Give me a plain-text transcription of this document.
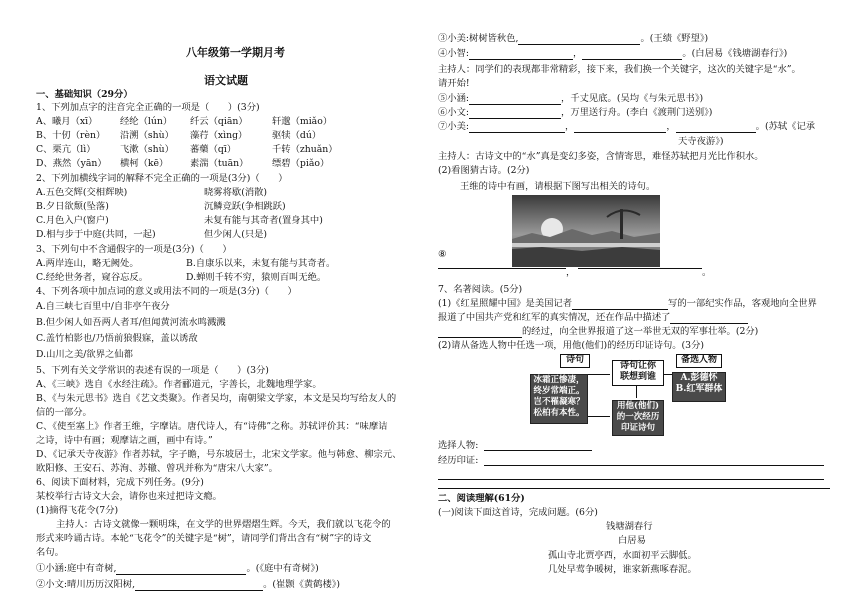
八年级第一学期月考
语文试题
一、基础知识（29分）
1、下列加点字的注音完全正确的一项是（　　）(3分)
A、曦月（xī） 经纶（lún） 纤云（qiān）	轩邈（miǎo）
B、十仞（rèn） 沿溯（shù） 藻荇（xìng）	驱犊（dú）
C、栗亢（lì）	飞漱（shù） 蕃藥（qī）	千转（zhuǎn）
D、燕然（yān） 横柯（kē） 素湍（tuān）	缥碧（piǎo）
2、下列加横线字词的解释不完全正确的一项是(3分)（　　）
A.五色交辉(交相辉映)	晓雾将歇(消散)
B.夕日欲颓(坠落)	沉鳞竞跃(争相跳跃)
C.月色入户(窗户)	未复有能与其奇者(置身其中)
D.相与步于中庭(共同，一起)	但少闲人(只是)
3、下列句中不含通假字的一项是(3分)（　　）
A.两岸连山，略无阙处。	B.自康乐以来，未复有能与其奇者。
C.经纶世务者，窥谷忘反。	D.蝉则千转不穷，猿则百叫无绝。
4、下列各项中加点词的意义或用法不同的一项是(3分)（　　）
A.自三峡七百里中/自非亭午夜分
B.但少闲人如吾两人者耳/但闻黄河流水鸣溅溅
C.盖竹柏影也/乃悟前狼假寐，盖以诱敌
D.山川之美/欲界之仙都
5、下列有关文学常识的表述有误的一项是（　　）(3分)
A、《三峡》选自《水经注疏》。作者郦道元，字善长，北魏地理学家。
B、《与朱元思书》选自《艺文类聚》。作者吴均，南朝梁文学家，本文是吴均写给友人的
信的一部分。
C、《使至塞上》作者王维，字摩诘。唐代诗人，有“诗佛”之称。苏轼评价其：“味摩诘
之诗，诗中有画；观摩诘之画，画中有诗。”
D、《记承天寺夜游》作者苏轼，字子瞻，号东坡居士，北宋文学家。他与韩愈、柳宗元、
欧阳修、王安石、苏洵、苏辙、曾巩并称为“唐宋八大家”。
6、阅读下面材料，完成下列任务。(9分)
某校举行古诗文大会，请你也来过把诗文瘾。
(1)摘得飞花令(7分)
主持人：古诗文就像一颗明珠，在文学的世界熠熠生辉。今天，我们就以飞花令的
形式来吟诵古诗。本轮“飞花令”的关键字是“树”，请同学们背出含有“树”字的诗文
名句。
①小涵:庭中有奇树,	。(《庭中有奇树》)
②小文:晴川历历汉阳树,	。(崔颢《黄鹤楼》)
③小美:树树皆秋色,	。(王绩《野望》)
④小智:	，	。(白居易《钱塘湖春行》)
主持人：同学们的表现都非常精彩，接下来，我们换一个关键字，这次的关键字是“水”。
请开始!
⑤小涵:	，千丈见底。(吴均《与朱元思书》)
⑥小文:	，万里送行舟。(李白《渡荆门送别》)
⑦小美:	，	，	。(苏轼《记承
天寺夜游》)
主持人：古诗文中的“水”真是变幻多姿，含情寄思，难怪苏轼把月光比作积水。
(2)看图猜古诗。(2分)
王维的诗中有画，请根据下图写出相关的诗句。
⑧
，	。
7、名著阅读。(5分)
(1)《红星照耀中国》是美国记者	写的一部纪实作品，客观地向全世界
报道了中国共产党和红军的真实情况，还在作品中描述了
的经过，向全世界报道了这一举世无双的军事壮举。(2分)
(2)请从备选人物中任选一项，用他(他们)的经历印证诗句。(3分)
诗句
冰霜正惨凄，
终岁常端正。
岂不罹凝寒？
松柏有本性。
诗句让你
联想到谁
备选人物
A.彭德怀
B.红军群体
用他(他们)
的一次经历
印证诗句
选择人物:
经历印证:
二、阅读理解(61分)
(一)阅读下面这首诗，完成问题。(6分)
钱塘湖春行
白居易
孤山寺北贾亭西，水面初平云脚低。
几处早莺争暖树，谁家新燕啄春泥。
